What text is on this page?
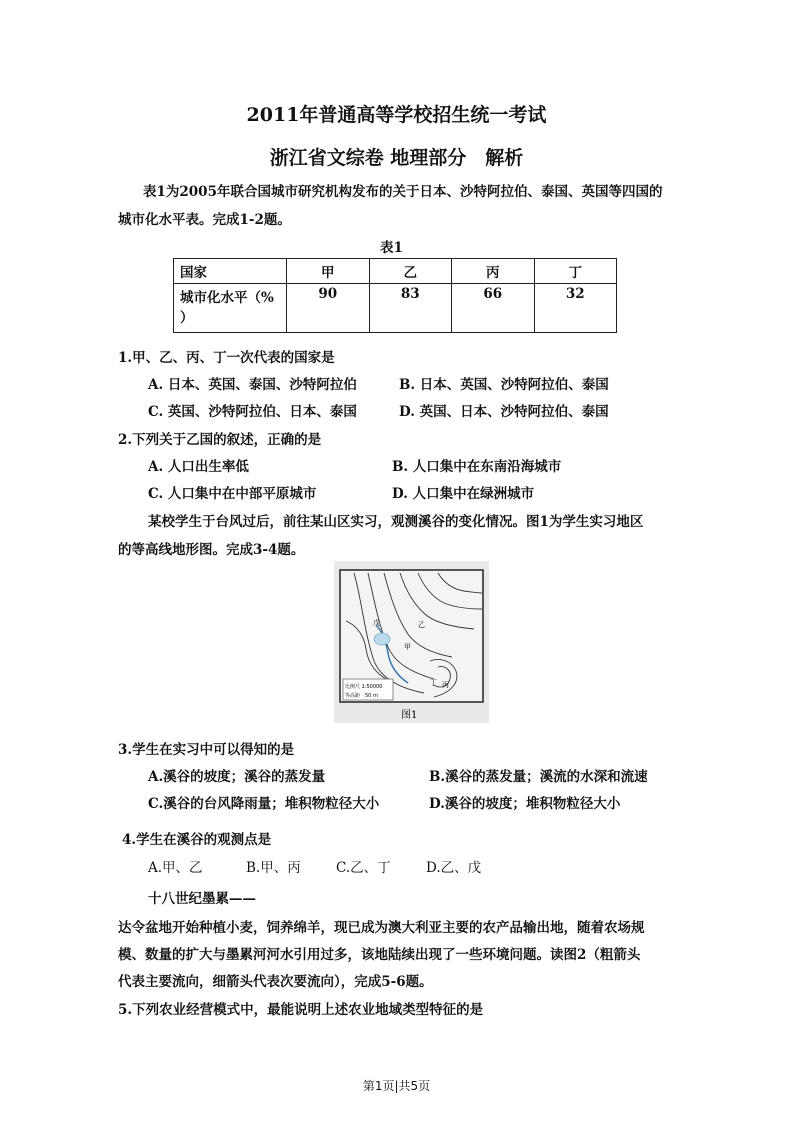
2011年普通高等学校招生统一考试
浙江省文综卷 地理部分　解析
表1为2005年联合国城市研究机构发布的关于日本、沙特阿拉伯、泰国、英国等四国的
城市化水平表。完成1-2题。
表1
国家	甲	乙	丙	丁

城市化水平（%
）	90	83	66	32
1.甲、乙、丙、丁一次代表的国家是
A. 日本、英国、泰国、沙特阿拉伯	B. 日本、英国、沙特阿拉伯、泰国
C. 英国、沙特阿拉伯、日本、泰国	D. 英国、日本、沙特阿拉伯、泰国
2.下列关于乙国的叙述，正确的是
A. 人口出生率低	B. 人口集中在东南沿海城市
C. 人口集中在中部平原城市	D. 人口集中在绿洲城市
某校学生于台风过后，前往某山区实习，观测溪谷的变化情况。图1为学生实习地区
的等高线地形图。完成3-4题。
比例尺 1:50000
等高距　50 m
戊	乙
甲
丙
丁
图1
3.学生在实习中可以得知的是
A.溪谷的坡度；溪谷的蒸发量	B.溪谷的蒸发量；溪流的水深和流速
C.溪谷的台风降雨量；堆积物粒径大小	D.溪谷的坡度；堆积物粒径大小
4.学生在溪谷的观测点是
A.甲、乙	B.甲、丙	C.乙、丁	D.乙、戊
十八世纪墨累——
达令盆地开始种植小麦，饲养绵羊，现已成为澳大利亚主要的农产品输出地，随着农场规
模、数量的扩大与墨累河河水引用过多，该地陆续出现了一些环境问题。读图2（粗箭头
代表主要流向，细箭头代表次要流向），完成5-6题。
5.下列农业经营模式中，最能说明上述农业地域类型特征的是
第1页|共5页
